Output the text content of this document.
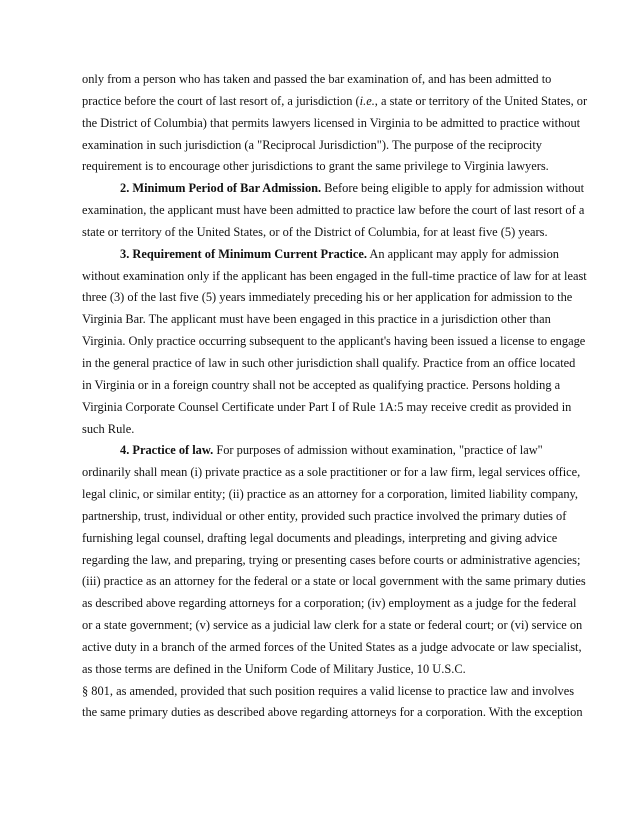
only from a person who has taken and passed the bar examination of, and has been admitted to
practice before the court of last resort of, a jurisdiction (i.e., a state or territory of the United States, or
the District of Columbia) that permits lawyers licensed in Virginia to be admitted to practice without
examination in such jurisdiction (a "Reciprocal Jurisdiction"). The purpose of the reciprocity
requirement is to encourage other jurisdictions to grant the same privilege to Virginia lawyers.
2. Minimum Period of Bar Admission. Before being eligible to apply for admission without
examination, the applicant must have been admitted to practice law before the court of last resort of a
state or territory of the United States, or of the District of Columbia, for at least five (5) years.
3. Requirement of Minimum Current Practice. An applicant may apply for admission
without examination only if the applicant has been engaged in the full-time practice of law for at least
three (3) of the last five (5) years immediately preceding his or her application for admission to the
Virginia Bar. The applicant must have been engaged in this practice in a jurisdiction other than
Virginia. Only practice occurring subsequent to the applicant's having been issued a license to engage
in the general practice of law in such other jurisdiction shall qualify. Practice from an office located
in Virginia or in a foreign country shall not be accepted as qualifying practice. Persons holding a
Virginia Corporate Counsel Certificate under Part I of Rule 1A:5 may receive credit as provided in
such Rule.
4. Practice of law. For purposes of admission without examination, "practice of law"
ordinarily shall mean (i) private practice as a sole practitioner or for a law firm, legal services office,
legal clinic, or similar entity; (ii) practice as an attorney for a corporation, limited liability company,
partnership, trust, individual or other entity, provided such practice involved the primary duties of
furnishing legal counsel, drafting legal documents and pleadings, interpreting and giving advice
regarding the law, and preparing, trying or presenting cases before courts or administrative agencies;
(iii) practice as an attorney for the federal or a state or local government with the same primary duties
as described above regarding attorneys for a corporation; (iv) employment as a judge for the federal
or a state government; (v) service as a judicial law clerk for a state or federal court; or (vi) service on
active duty in a branch of the armed forces of the United States as a judge advocate or law specialist,
as those terms are defined in the Uniform Code of Military Justice, 10 U.S.C.
§ 801, as amended, provided that such position requires a valid license to practice law and involves
the same primary duties as described above regarding attorneys for a corporation. With the exception
